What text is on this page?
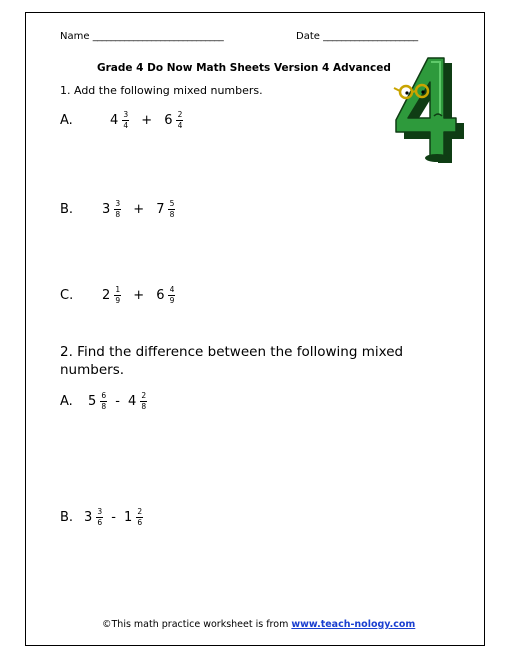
Name _____________________________	Date _____________________
Grade 4 Do Now Math Sheets Version 4 Advanced
1. Add the following mixed numbers.
A.	$4 \frac{3}{4} + 6 \frac{2}{4}$
B.	$3 \frac{3}{8} + 7 \frac{5}{8}$
C.	$2 \frac{1}{9} + 6 \frac{4}{9}$
2. Find the difference between the following mixed
numbers.
A.	$5 \frac{6}{8} - 4 \frac{2}{8}$
B. $3 \frac{3}{6} - 1 \frac{2}{6}$
©This math practice worksheet is from www.teach-nology.com
